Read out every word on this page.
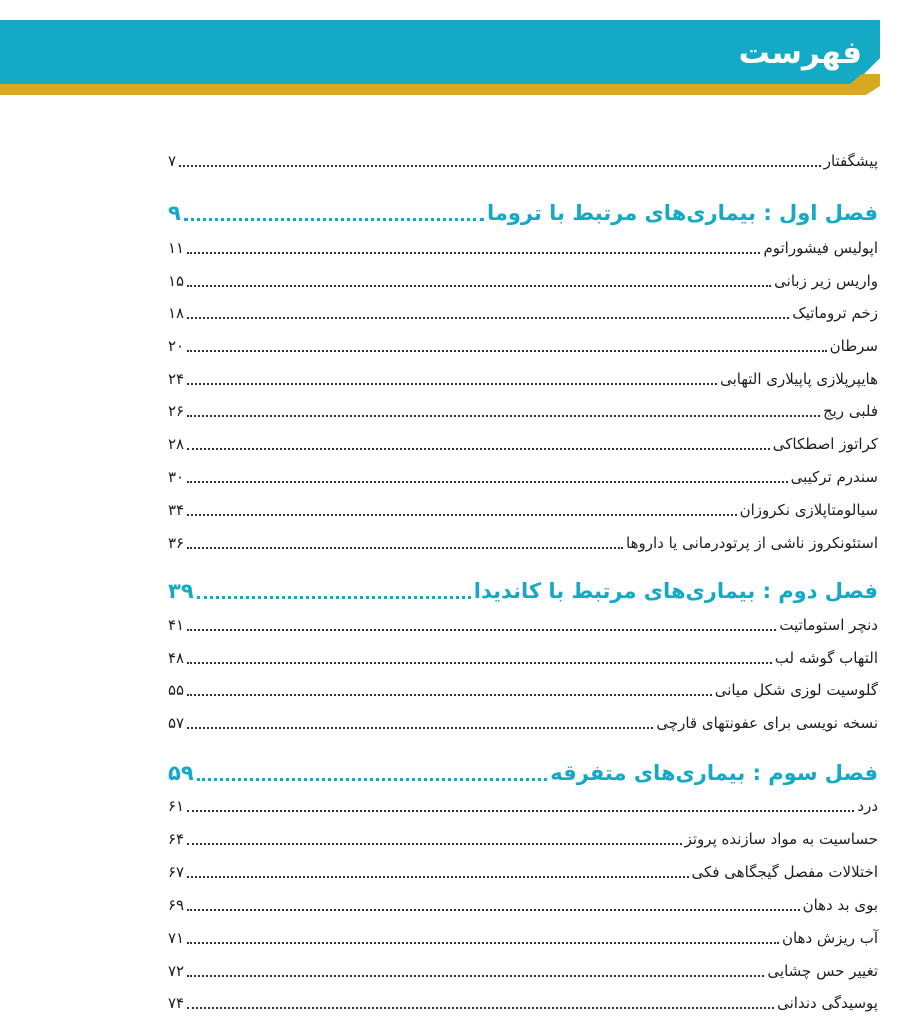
فهرست
پیشگفتار
۷
فصل اول : بیماری‌های مرتبط با تروما
۹
اپولیس فیشوراتوم
۱۱
واریس زیر زبانی
۱۵
زخم تروماتیک
۱۸
سرطان
۲۰
هایپرپلازی پاپیلاری التهابی
۲۴
فلبی ریج
۲۶
کراتوز اصطکاکی
۲۸
سندرم ترکیبی
۳۰
سیالومتاپلازی نکروزان
۳۴
استئونکروز ناشی از پرتودرمانی یا داروها
۳۶
فصل دوم : بیماری‌های مرتبط با کاندیدا
۳۹
دنچر استوماتیت
۴۱
التهاب گوشه لب
۴۸
گلوسیت لوزی شکل میانی
۵۵
نسخه نویسی برای عفونتهای قارچی
۵۷
فصل سوم : بیماری‌های متفرقه
۵۹
درد
۶۱
حساسیت به مواد سازنده پروتز
۶۴
اختلالات مفصل گیجگاهی فکی
۶۷
بوی بد دهان
۶۹
آب ریزش دهان
۷۱
تغییر حس چشایی
۷۲
پوسیدگی دندانی
۷۴
